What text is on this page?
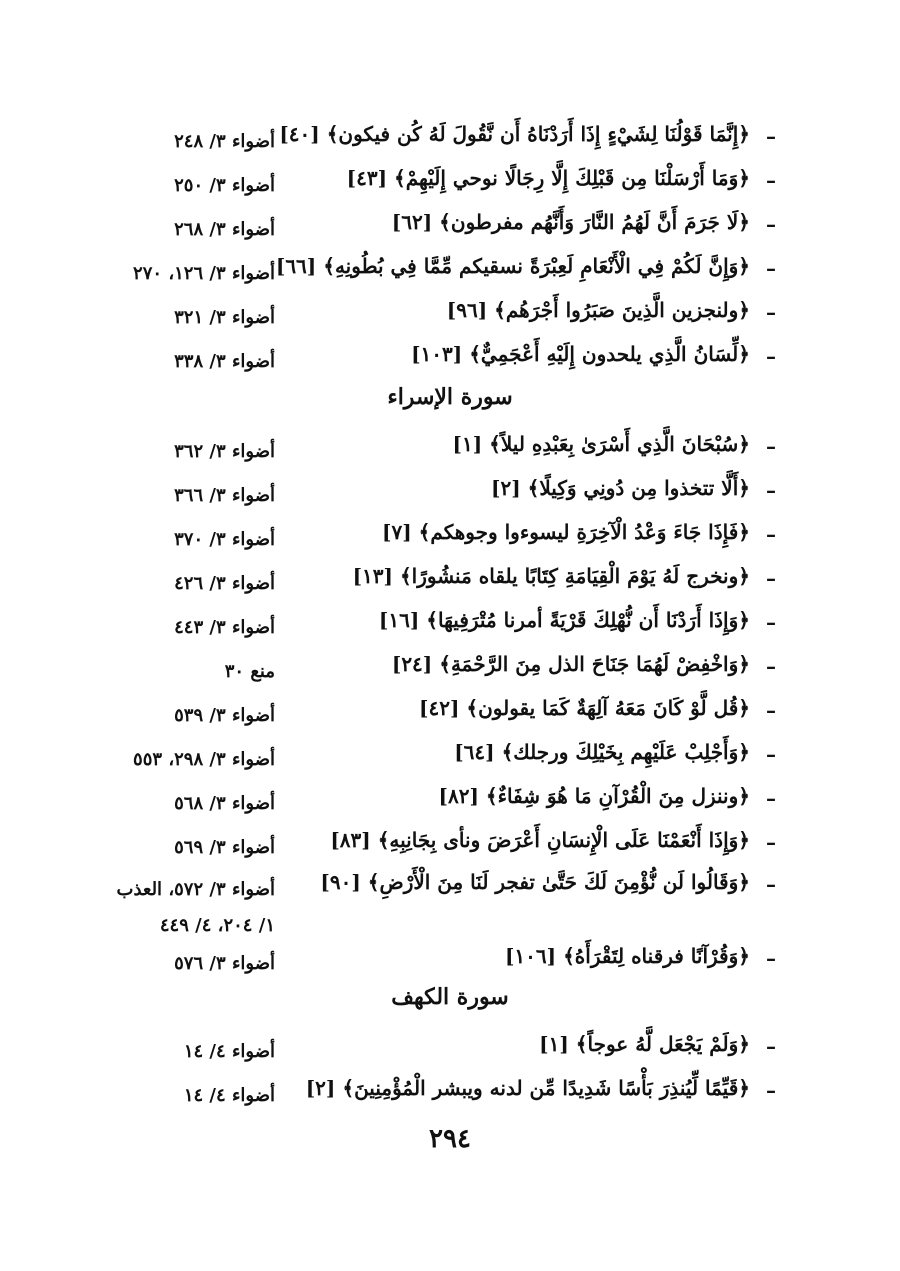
–
﴿إِنَّمَا قَوْلُنَا لِشَيْءٍ إِذَا أَرَدْنَاهُ أَن نَّقُولَ لَهُ كُن فيكون﴾ [٤٠]
أضواء ٣/ ٢٤٨
–
﴿وَمَا أَرْسَلْنَا مِن قَبْلِكَ إِلَّا رِجَالًا نوحي إِلَيْهِمْ﴾ [٤٣]
أضواء ٣/ ٢٥٠
–
﴿لَا جَرَمَ أَنَّ لَهُمُ النَّارَ وَأَنَّهُم مفرطون﴾ [٦٢]
أضواء ٣/ ٢٦٨
–
﴿وَإِنَّ لَكُمْ فِي الْأَنْعَامِ لَعِبْرَةً نسقيكم مِّمَّا فِي بُطُونِهِ﴾ [٦٦]
أضواء ٣/ ١٢٦، ٢٧٠
–
﴿ولنجزين الَّذِينَ صَبَرُوا أَجْرَهُم﴾ [٩٦]
أضواء ٣/ ٣٢١
–
﴿لِّسَانُ الَّذِي يلحدون إِلَيْهِ أَعْجَمِيٌّ﴾ [١٠٣]
أضواء ٣/ ٣٣٨
سورة الإسراء
–
﴿سُبْحَانَ الَّذِي أَسْرَىٰ بِعَبْدِهِ ليلاً﴾ [١]
أضواء ٣/ ٣٦٢
–
﴿أَلَّا تتخذوا مِن دُونِي وَكِيلًا﴾ [٢]
أضواء ٣/ ٣٦٦
–
﴿فَإِذَا جَاءَ وَعْدُ الْآخِرَةِ ليسوءوا وجوهكم﴾ [٧]
أضواء ٣/ ٣٧٠
–
﴿ونخرج لَهُ يَوْمَ الْقِيَامَةِ كِتَابًا يلقاه مَنشُورًا﴾ [١٣]
أضواء ٣/ ٤٢٦
–
﴿وَإِذَا أَرَدْنَا أَن نُّهْلِكَ قَرْيَةً أمرنا مُتْرَفِيهَا﴾ [١٦]
أضواء ٣/ ٤٤٣
–
﴿وَاخْفِضْ لَهُمَا جَنَاحَ الذل مِنَ الرَّحْمَةِ﴾ [٢٤]
منع ٣٠
–
﴿قُل لَّوْ كَانَ مَعَهُ آلِهَةٌ كَمَا يقولون﴾ [٤٢]
أضواء ٣/ ٥٣٩
–
﴿وَأَجْلِبْ عَلَيْهِم بِخَيْلِكَ ورجلك﴾ [٦٤]
أضواء ٣/ ٢٩٨، ٥٥٣
–
﴿وننزل مِنَ الْقُرْآنِ مَا هُوَ شِفَاءٌ﴾ [٨٢]
أضواء ٣/ ٥٦٨
–
﴿وَإِذَا أَنْعَمْنَا عَلَى الْإِنسَانِ أَعْرَضَ ونأى بِجَانِبِهِ﴾ [٨٣]
أضواء ٣/ ٥٦٩
–
﴿وَقَالُوا لَن نُّؤْمِنَ لَكَ حَتَّىٰ تفجر لَنَا مِنَ الْأَرْضِ﴾ [٩٠]
أضواء ٣/ ٥٧٢، العذب
١/ ٢٠٤، ٤/ ٤٤٩
–
﴿وَقُرْآنًا فرقناه لِتَقْرَأَهُ﴾ [١٠٦]
أضواء ٣/ ٥٧٦
سورة الكهف
–
﴿وَلَمْ يَجْعَل لَّهُ عوجاً﴾ [١]
أضواء ٤/ ١٤
–
﴿قَيِّمًا لِّيُنذِرَ بَأْسًا شَدِيدًا مِّن لدنه ويبشر الْمُؤْمِنِينَ﴾ [٢]
أضواء ٤/ ١٤
٢٩٤
